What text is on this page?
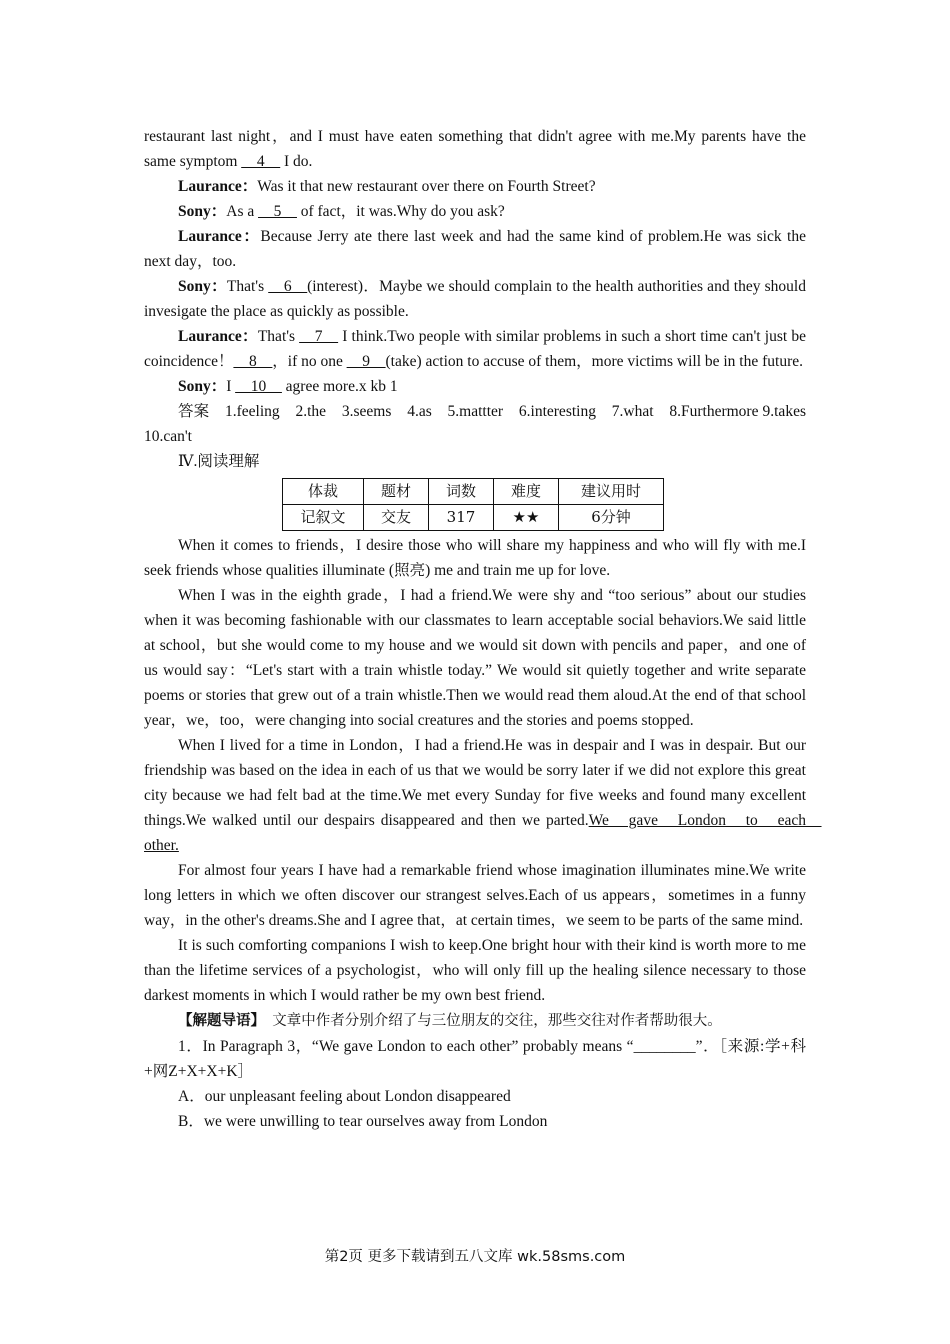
restaurant last night，and I must have eaten something that didn't agree with me.My parents have the same symptom __4__ I do.

Laurance：Was it that new restaurant over there on Fourth Street?

Sony：As a __5__ of fact，it was.Why do you ask?

Laurance：Because Jerry ate there last week and had the same kind of problem.He was sick the next day，too.

Sony：That's __6__(interest)．Maybe we should complain to the health authorities and they should invesigate the place as quickly as possible.

Laurance：That's __7__ I think.Two people with similar problems in such a short time can't just be coincidence！__8__，if no one __9__(take) action to accuse of them，more victims will be in the future.

Sony：I __10__ agree more.x kb 1

答案　 1.feeling　2.the　3.seems　4.as　5.mattter　6.interesting　7.what　8.Furthermore 9.takes　10.can't

Ⅳ.阅读理解

体裁	题材	词数	难度	建议用时
记叙文	交友	317	★★	6分钟

When it comes to friends，I desire those who will share my happiness and who will fly with me.I seek friends whose qualities illuminate (照亮) me and train me up for love.

When I was in the eighth grade，I had a friend.We were shy and “too serious” about our studies when it was becoming fashionable with our classmates to learn acceptable social behaviors.We said little at school，but she would come to my house and we would sit down with pencils and paper，and one of us would say：“Let's start with a train whistle today.” We would sit quietly together and write separate poems or stories that grew out of a train whistle.Then we would read them aloud.At the end of that school year，we，too，were changing into social creatures and the stories and poems stopped.

When I lived for a time in London，I had a friend.He was in despair and I was in despair. But our friendship was based on the idea in each of us that we would be sorry later if we did not explore this great city because we had felt bad at the time.We met every Sunday for five weeks and found many excellent things.We walked until our despairs disappeared and then we parted.We　gave　London　to　each　other.

For almost four years I have had a remarkable friend whose imagination illuminates mine.We write long letters in which we often discover our strangest selves.Each of us appears，sometimes in a funny way，in the other's dreams.She and I agree that，at certain times，we seem to be parts of the same mind.

It is such comforting companions I wish to keep.One bright hour with their kind is worth more to me than the lifetime services of a psychologist，who will only fill up the healing silence necessary to those darkest moments in which I would rather be my own best friend.

【解题导语】　文章中作者分别介绍了与三位朋友的交往，那些交往对作者帮助很大。

1．In Paragraph 3，“We gave London to each other” probably means “________”．［来源:学+科+网Z+X+X+K］

A．our unpleasant feeling about London disappeared

B．we were unwilling to tear ourselves away from London

第2页 更多下载请到五八文库 wk.58sms.com
